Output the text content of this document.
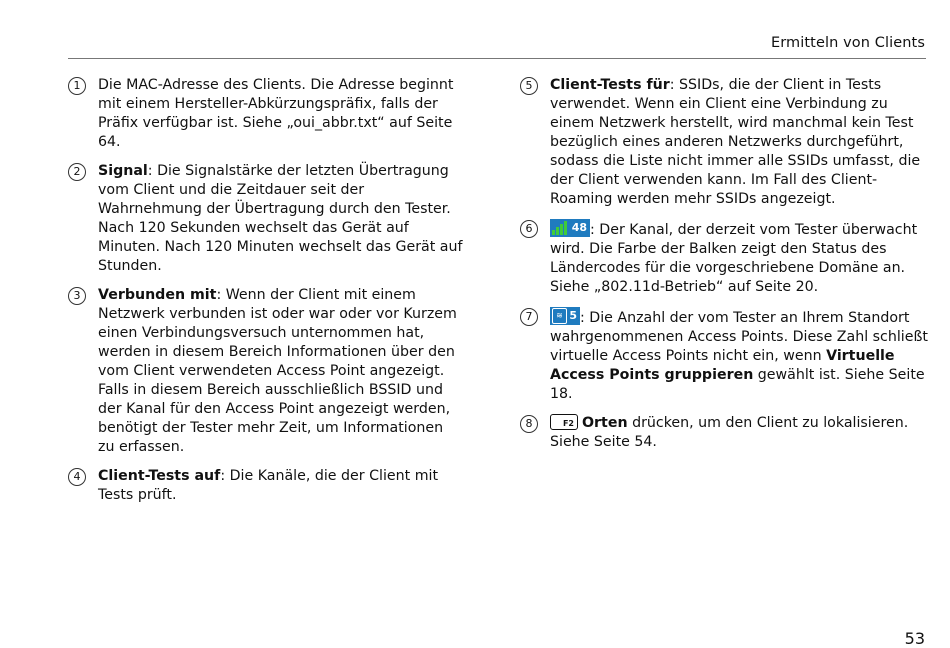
Ermitteln von Clients
1	Die MAC-Adresse des Clients. Die Adresse beginnt mit einem Hersteller-Abkürzungspräfix, falls der Präfix verfügbar ist. Siehe „oui_abbr.txt“ auf Seite 64.
2	Signal: Die Signalstärke der letzten Übertragung vom Client und die Zeitdauer seit der Wahrnehmung der Übertragung durch den Tester. Nach 120 Sekunden wechselt das Gerät auf Minuten. Nach 120 Minuten wechselt das Gerät auf Stunden.
3	Verbunden mit: Wenn der Client mit einem Netzwerk verbunden ist oder war oder vor Kurzem einen Verbindungsversuch unternommen hat, werden in diesem Bereich Informationen über den vom Client verwendeten Access Point angezeigt. Falls in diesem Bereich ausschließlich BSSID und der Kanal für den Access Point angezeigt werden, benötigt der Tester mehr Zeit, um Informationen zu erfassen.
4	Client-Tests auf: Die Kanäle, die der Client mit Tests prüft.
5	Client-Tests für: SSIDs, die der Client in Tests verwendet. Wenn ein Client eine Verbindung zu einem Netzwerk herstellt, wird manchmal kein Test bezüglich eines anderen Netzwerks durchgeführt, sodass die Liste nicht immer alle SSIDs umfasst, die der Client verwenden kann. Im Fall des Client-Roaming werden mehr SSIDs angezeigt.
6	48 : Der Kanal, der derzeit vom Tester überwacht wird. Die Farbe der Balken zeigt den Status des Ländercodes für die vorgeschriebene Domäne an. Siehe „802.11d-Betrieb“ auf Seite 20.
7	≋ 5 : Die Anzahl der vom Tester an Ihrem Standort wahrgenommenen Access Points. Diese Zahl schließt virtuelle Access Points nicht ein, wenn Virtuelle Access Points gruppieren gewählt ist. Siehe Seite 18.
8	F2 Orten drücken, um den Client zu lokalisieren. Siehe Seite 54.
53
